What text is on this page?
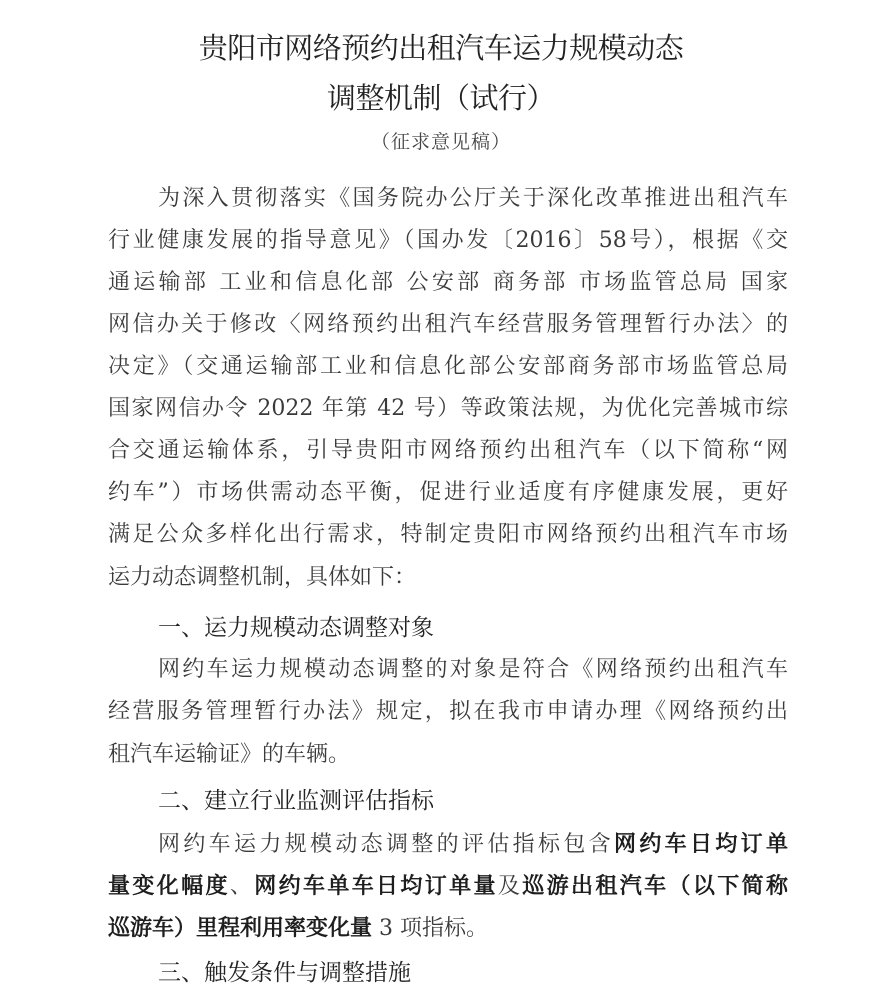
贵阳市网络预约出租汽车运力规模动态
调整机制（试行）
（征求意见稿）

为深入贯彻落实《国务院办公厅关于深化改革推进出租汽车

行业健康发展的指导意见》（国办发〔2016〕58号），根据《交

通运输部 工业和信息化部 公安部 商务部 市场监管总局 国家

网信办关于修改〈网络预约出租汽车经营服务管理暂行办法〉的

决定》（交通运输部工业和信息化部公安部商务部市场监管总局

国家网信办令 2022 年第 42 号）等政策法规，为优化完善城市综

合交通运输体系，引导贵阳市网络预约出租汽车（以下简称“网

约车”）市场供需动态平衡，促进行业适度有序健康发展，更好

满足公众多样化出行需求，特制定贵阳市网络预约出租汽车市场

运力动态调整机制，具体如下：

一、运力规模动态调整对象

网约车运力规模动态调整的对象是符合《网络预约出租汽车

经营服务管理暂行办法》规定，拟在我市申请办理《网络预约出

租汽车运输证》的车辆。

二、建立行业监测评估指标

网约车运力规模动态调整的评估指标包含网约车日均订单

量变化幅度、网约车单车日均订单量及巡游出租汽车（以下简称

巡游车）里程利用率变化量 3 项指标。

三、触发条件与调整措施
